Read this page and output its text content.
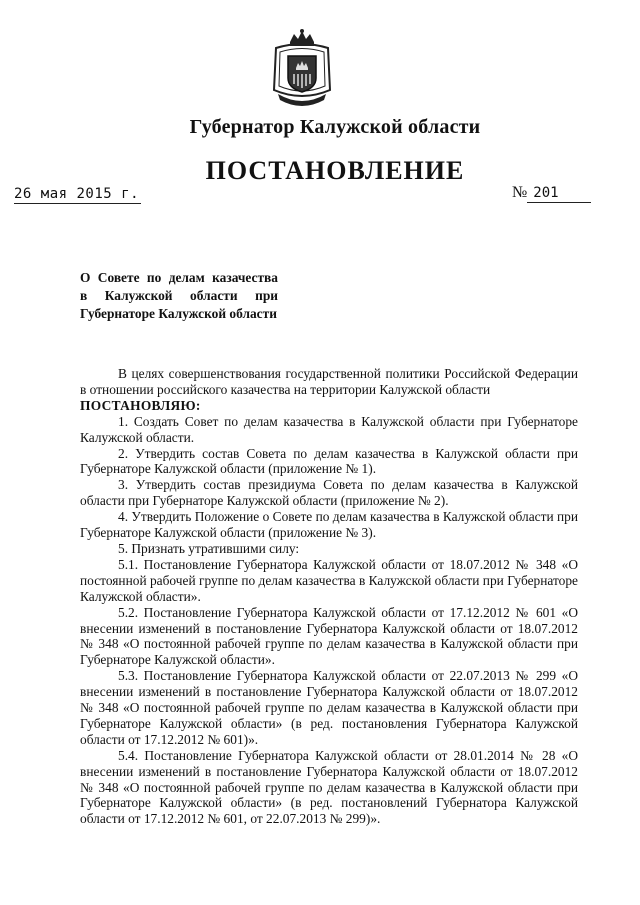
Губернатор Калужской области
ПОСТАНОВЛЕНИЕ
26 мая 2015 г.	№ 201
О Совете по делам казачества
в Калужской области при
Губернаторе Калужской области

В целях совершенствования государственной политики Российской Федерации в отношении российского казачества на территории Калужской области

ПОСТАНОВЛЯЮ:

1. Создать Совет по делам казачества в Калужской области при Губернаторе Калужской области.

2. Утвердить состав Совета по делам казачества в Калужской области при Губернаторе Калужской области (приложение № 1).

3. Утвердить состав президиума Совета по делам казачества в Калужской области при Губернаторе Калужской области (приложение № 2).

4. Утвердить Положение о Совете по делам казачества в Калужской области при Губернаторе Калужской области (приложение № 3).

5. Признать утратившими силу:

5.1. Постановление Губернатора Калужской области от 18.07.2012 № 348 «О постоянной рабочей группе по делам казачества в Калужской области при Губернаторе Калужской области».

5.2. Постановление Губернатора Калужской области от 17.12.2012 № 601 «О внесении изменений в постановление Губернатора Калужской области от 18.07.2012 № 348 «О постоянной рабочей группе по делам казачества в Калужской области при Губернаторе Калужской области».

5.3. Постановление Губернатора Калужской области от 22.07.2013 № 299 «О внесении изменений в постановление Губернатора Калужской области от 18.07.2012 № 348 «О постоянной рабочей группе по делам казачества в Калужской области при Губернаторе Калужской области» (в ред. постановления Губернатора Калужской области от 17.12.2012 № 601)».

5.4. Постановление Губернатора Калужской области от 28.01.2014 № 28 «О внесении изменений в постановление Губернатора Калужской области от 18.07.2012 № 348 «О постоянной рабочей группе по делам казачества в Калужской области при Губернаторе Калужской области» (в ред. постановлений Губернатора Калужской области от 17.12.2012 № 601, от 22.07.2013 № 299)».
